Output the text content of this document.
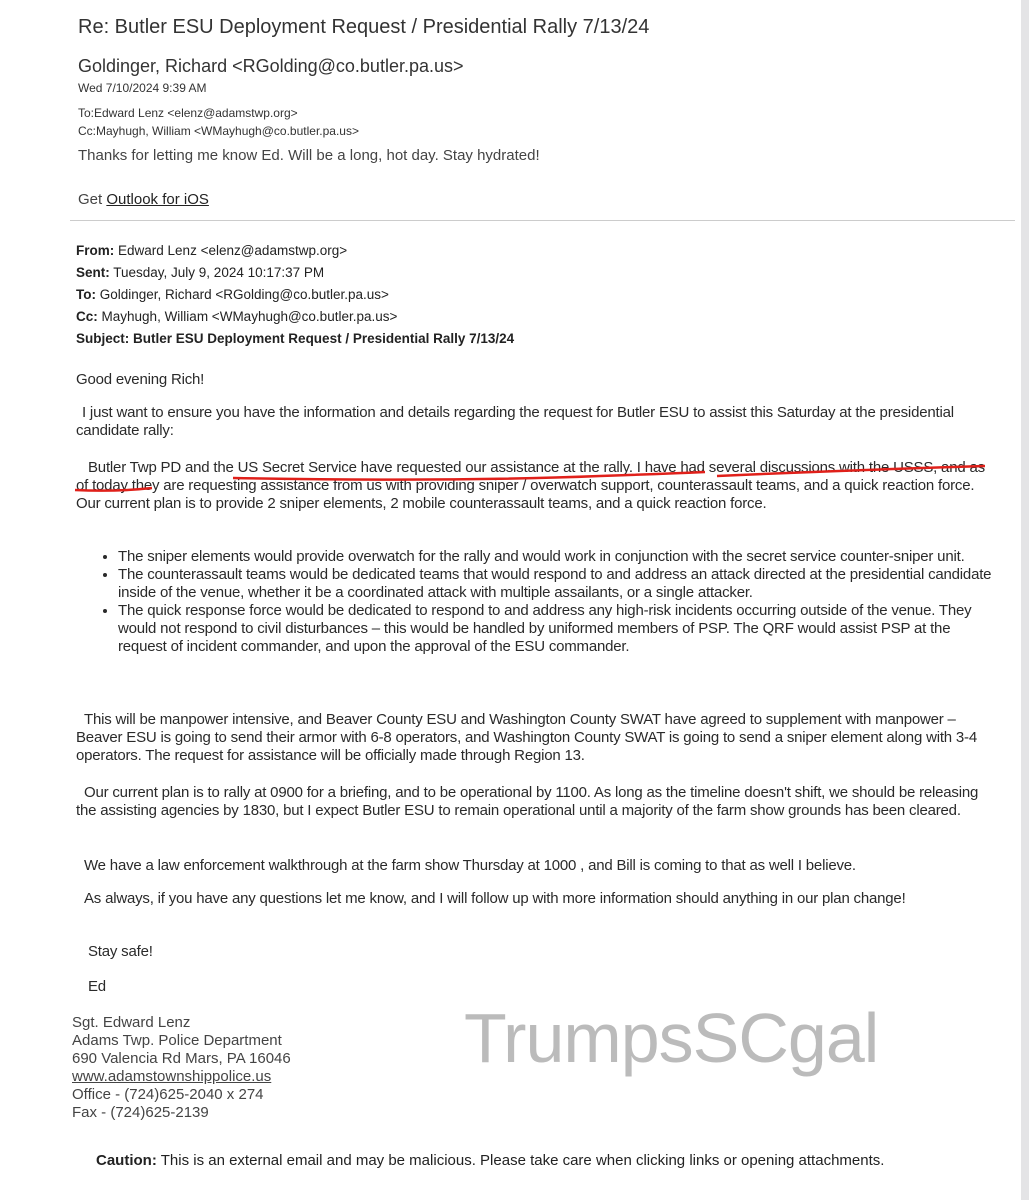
Re: Butler ESU Deployment Request / Presidential Rally 7/13/24
Goldinger, Richard <RGolding@co.butler.pa.us>
Wed 7/10/2024 9:39 AM
To:Edward Lenz <elenz@adamstwp.org>
Cc:Mayhugh, William <WMayhugh@co.butler.pa.us>
Thanks for letting me know Ed. Will be a long, hot day. Stay hydrated!
Get Outlook for iOS
From: Edward Lenz <elenz@adamstwp.org>
Sent: Tuesday, July 9, 2024 10:17:37 PM
To: Goldinger, Richard <RGolding@co.butler.pa.us>
Cc: Mayhugh, William <WMayhugh@co.butler.pa.us>
Subject: Butler ESU Deployment Request / Presidential Rally 7/13/24
Good evening Rich!
I just want to ensure you have the information and details regarding the request for Butler ESU to assist this Saturday at the presidential candidate rally:
Butler Twp PD and the US Secret Service have requested our assistance at the rally. I have had several discussions with the USSS, and as of today they are requesting assistance from us with providing sniper / overwatch support, counterassault teams, and a quick reaction force. Our current plan is to provide 2 sniper elements, 2 mobile counterassault teams, and a quick reaction force.
• The sniper elements would provide overwatch for the rally and would work in conjunction with the secret service counter-sniper unit.
• The counterassault teams would be dedicated teams that would respond to and address an attack directed at the presidential candidate inside of the venue, whether it be a coordinated attack with multiple assailants, or a single attacker.
• The quick response force would be dedicated to respond to and address any high-risk incidents occurring outside of the venue. They would not respond to civil disturbances – this would be handled by uniformed members of PSP. The QRF would assist PSP at the request of incident commander, and upon the approval of the ESU commander.
This will be manpower intensive, and Beaver County ESU and Washington County SWAT have agreed to supplement with manpower – Beaver ESU is going to send their armor with 6-8 operators, and Washington County SWAT is going to send a sniper element along with 3-4 operators. The request for assistance will be officially made through Region 13.
Our current plan is to rally at 0900 for a briefing, and to be operational by 1100. As long as the timeline doesn't shift, we should be releasing the assisting agencies by 1830, but I expect Butler ESU to remain operational until a majority of the farm show grounds has been cleared.
We have a law enforcement walkthrough at the farm show Thursday at 1000 , and Bill is coming to that as well I believe.
As always, if you have any questions let me know, and I will follow up with more information should anything in our plan change!
Stay safe!
Ed
Sgt. Edward Lenz
Adams Twp. Police Department
690 Valencia Rd Mars, PA 16046
www.adamstownshippolice.us
Office - (724)625-2040 x 274
Fax - (724)625-2139
TrumpsSCgal
Caution: This is an external email and may be malicious. Please take care when clicking links or opening attachments.
